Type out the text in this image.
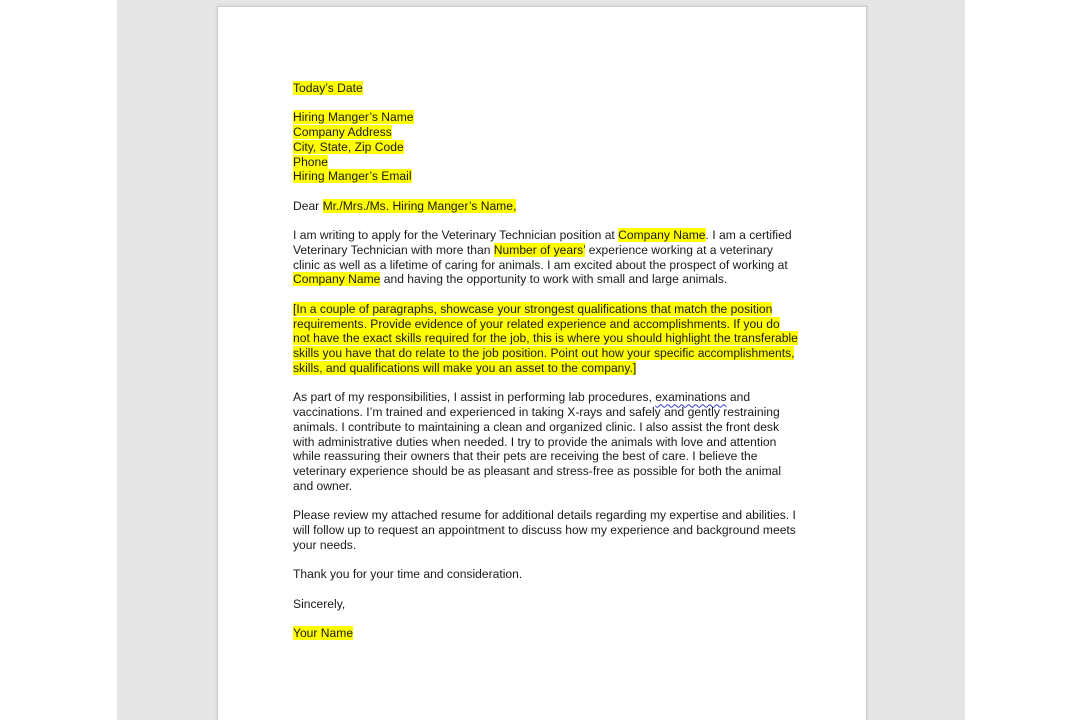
Today’s Date

Hiring Manger’s Name
Company Address
City, State, Zip Code
Phone
Hiring Manger’s Email

Dear Mr./Mrs./Ms. Hiring Manger’s Name,

I am writing to apply for the Veterinary Technician position at Company Name. I am a certified Veterinary Technician with more than Number of years’ experience working at a veterinary clinic as well as a lifetime of caring for animals. I am excited about the prospect of working at Company Name and having the opportunity to work with small and large animals.

[In a couple of paragraphs, showcase your strongest qualifications that match the position requirements. Provide evidence of your related experience and accomplishments. If you do not have the exact skills required for the job, this is where you should highlight the transferable skills you have that do relate to the job position. Point out how your specific accomplishments, skills, and qualifications will make you an asset to the company.]

As part of my responsibilities, I assist in performing lab procedures, examinations and vaccinations. I’m trained and experienced in taking X-rays and safely and gently restraining animals. I contribute to maintaining a clean and organized clinic. I also assist the front desk with administrative duties when needed. I try to provide the animals with love and attention while reassuring their owners that their pets are receiving the best of care. I believe the veterinary experience should be as pleasant and stress-free as possible for both the animal and owner.

Please review my attached resume for additional details regarding my expertise and abilities. I will follow up to request an appointment to discuss how my experience and background meets your needs.

Thank you for your time and consideration.

Sincerely,

Your Name
